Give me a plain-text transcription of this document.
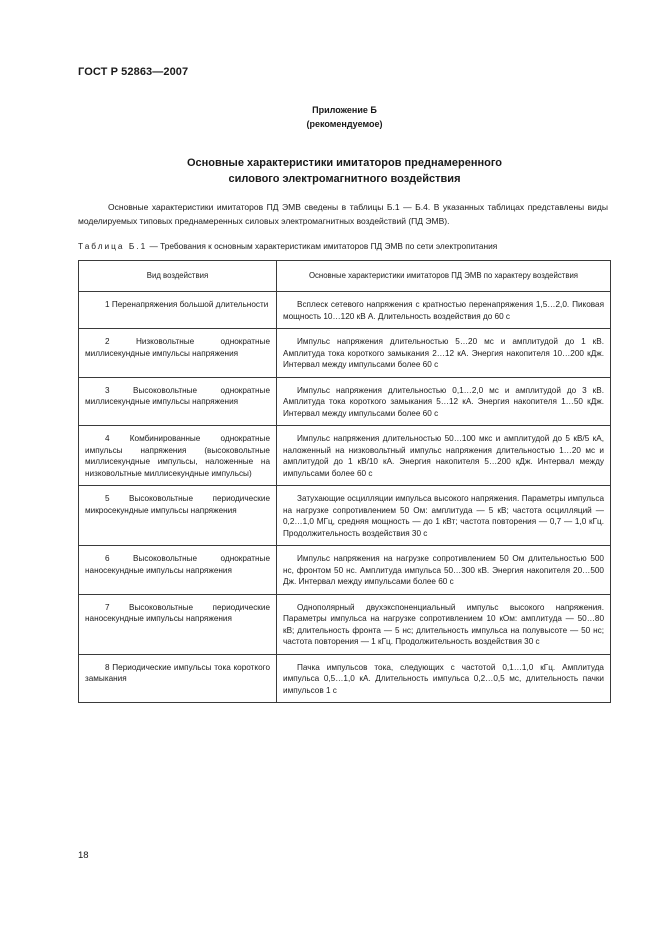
ГОСТ Р 52863—2007
Приложение Б
(рекомендуемое)
Основные характеристики имитаторов преднамеренного
силового электромагнитного воздействия
Основные характеристики имитаторов ПД ЭМВ сведены в таблицы Б.1 — Б.4. В указанных таблицах представлены виды моделируемых типовых преднамеренных силовых электромагнитных воздействий (ПД ЭМВ).
Таблица Б.1 — Требования к основным характеристикам имитаторов ПД ЭМВ по сети электропитания
Вид воздействия	Основные характеристики имитаторов ПД ЭМВ по характеру воздействия
1 Перенапряжения большой длительности	Всплеск сетевого напряжения с кратностью перенапряжения 1,5…2,0. Пиковая мощность 10…120 кВ А. Длительность воздействия до 60 с
2 Низковольтные однократные миллисекундные импульсы напряжения	Импульс напряжения длительностью 5…20 мс и амплитудой до 1 кВ. Амплитуда тока короткого замыкания 2…12 кА. Энергия накопителя 10…200 кДж. Интервал между импульсами более 60 с
3 Высоковольтные однократные миллисекундные импульсы напряжения	Импульс напряжения длительностью 0,1…2,0 мс и амплитудой до 3 кВ. Амплитуда тока короткого замыкания 5…12 кА. Энергия накопителя 1…50 кДж. Интервал между импульсами более 60 с
4 Комбинированные однократные импульсы напряжения (высоковольтные миллисекундные импульсы, наложенные на низковольтные миллисекундные импульсы)	Импульс напряжения длительностью 50…100 мкс и амплитудой до 5 кВ/5 кА, наложенный на низковольтный импульс напряжения длительностью 1…20 мс и амплитудой до 1 кВ/10 кА. Энергия накопителя 5…200 кДж. Интервал между импульсами более 60 с
5 Высоковольтные периодические микросекундные импульсы напряжения	Затухающие осцилляции импульса высокого напряжения. Параметры импульса на нагрузке сопротивлением 50 Ом: амплитуда — 5 кВ; частота осцилляций — 0,2…1,0 МГц, средняя мощность — до 1 кВт; частота повторения — 0,7 — 1,0 кГц. Продолжительность воздействия 30 с
6 Высоковольтные однократные наносекундные импульсы напряжения	Импульс напряжения на нагрузке сопротивлением 50 Ом длительностью 500 нс, фронтом 50 нс. Амплитуда импульса 50…300 кВ. Энергия накопителя 20…500 Дж. Интервал между импульсами более 60 с
7 Высоковольтные периодические наносекундные импульсы напряжения	Однополярный двухэкспоненциальный импульс высокого напряжения. Параметры импульса на нагрузке сопротивлением 10 кОм: амплитуда — 50…80 кВ; длительность фронта — 5 нс; длительность импульса на полувысоте — 50 нс; частота повторения — 1 кГц. Продолжительность воздействия 30 с
8 Периодические импульсы тока короткого замыкания	Пачка импульсов тока, следующих с частотой 0,1…1,0 кГц. Амплитуда импульса 0,5…1,0 кА. Длительность импульса 0,2…0,5 мс, длительность пачки импульсов 1 с
18
